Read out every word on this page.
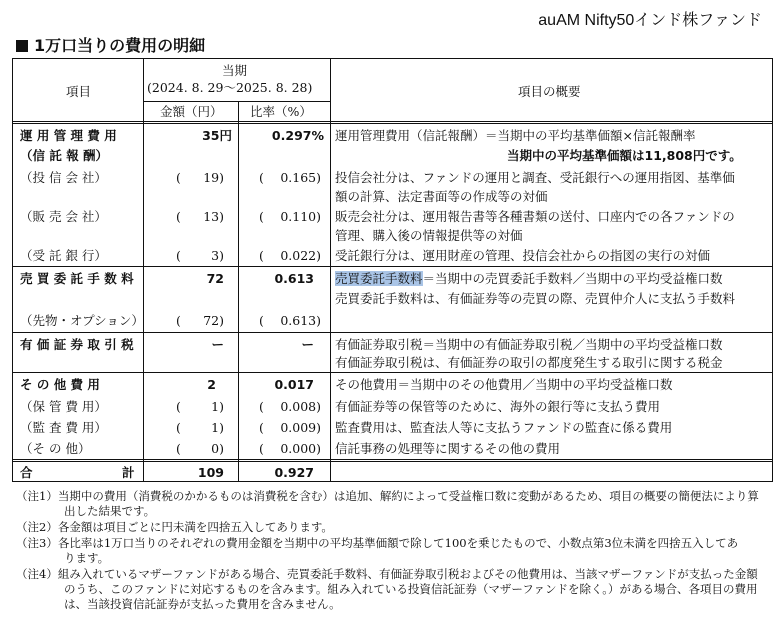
auAM Nifty50インド株ファンド
1万口当りの費用の明細
項目
当期
(2024. 8. 29〜2025. 8. 28)
金額（円） 比率（%）
項目の概要
運 用 管 理 費 用
（信 託 報 酬）
35円	0.297% 運用管理費用（信託報酬）＝当期中の平均基準価額×信託報酬率
当期中の平均基準価額は11,808円です。
（投 信 会 社）	( 19)	( 0.165) 投信会社分は、ファンドの運用と調査、受託銀行への運用指図、基準価
額の計算、法定書面等の作成等の対価
（販 売 会 社）	( 13)	( 0.110) 販売会社分は、運用報告書等各種書類の送付、口座内での各ファンドの
管理、購入後の情報提供等の対価
（受 託 銀 行）	( 3)	( 0.022) 受託銀行分は、運用財産の管理、投信会社からの指図の実行の対価
売 買 委 託 手 数 料	72	0.613 売買委託手数料＝当期中の売買委託手数料／当期中の平均受益権口数
売買委託手数料は、有価証券等の売買の際、売買仲介人に支払う手数料
（先物・オプション）	( 72)	( 0.613)
有 価 証 券 取 引 税	ー	ー 有価証券取引税＝当期中の有価証券取引税／当期中の平均受益権口数
有価証券取引税は、有価証券の取引の都度発生する取引に関する税金
そ の 他 費 用	2	0.017 その他費用＝当期中のその他費用／当期中の平均受益権口数
（保 管 費 用）	( 1)	( 0.008) 有価証券等の保管等のために、海外の銀行等に支払う費用
（監 査 費 用）	( 1)	( 0.009) 監査費用は、監査法人等に支払うファンドの監査に係る費用
（そ の 他）	( 0)	( 0.000) 信託事務の処理等に関するその他の費用
合	計	109	0.927
（注1）当期中の費用（消費税のかかるものは消費税を含む）は追加、解約によって受益権口数に変動があるため、項目の概要の簡便法により算
出した結果です。
（注2）各金額は項目ごとに円未満を四捨五入してあります。
（注3）各比率は1万口当りのそれぞれの費用金額を当期中の平均基準価額で除して100を乗じたもので、小数点第3位未満を四捨五入してあ
ります。
（注4）組み入れているマザーファンドがある場合、売買委託手数料、有価証券取引税およびその他費用は、当該マザーファンドが支払った金額
のうち、このファンドに対応するものを含みます。組み入れている投資信託証券（マザーファンドを除く。）がある場合、各項目の費用
は、当該投資信託証券が支払った費用を含みません。
